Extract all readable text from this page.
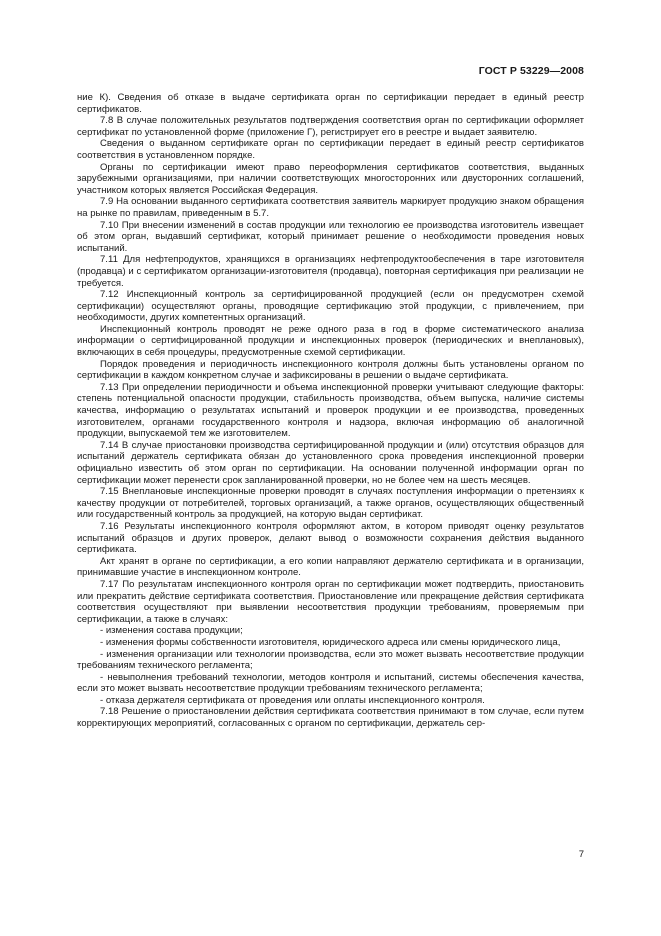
ГОСТ Р 53229—2008

ние К). Сведения об отказе в выдаче сертификата орган по сертификации передает в единый реестр сертификатов.

7.8 В случае положительных результатов подтверждения соответствия орган по сертификации оформляет сертификат по установленной форме (приложение Г), регистрирует его в реестре и выдает заявителю.

Сведения о выданном сертификате орган по сертификации передает в единый реестр сертификатов соответствия в установленном порядке.

Органы по сертификации имеют право переоформления сертификатов соответствия, выданных зарубежными организациями, при наличии соответствующих многосторонних или двусторонних соглашений, участником которых является Российская Федерация.

7.9 На основании выданного сертификата соответствия заявитель маркирует продукцию знаком обращения на рынке по правилам, приведенным в 5.7.

7.10 При внесении изменений в состав продукции или технологию ее производства изготовитель извещает об этом орган, выдавший сертификат, который принимает решение о необходимости проведения новых испытаний.

7.11 Для нефтепродуктов, хранящихся в организациях нефтепродуктообеспечения в таре изготовителя (продавца) и с сертификатом организации-изготовителя (продавца), повторная сертификация при реализации не требуется.

7.12 Инспекционный контроль за сертифицированной продукцией (если он предусмотрен схемой сертификации) осуществляют органы, проводящие сертификацию этой продукции, с привлечением, при необходимости, других компетентных организаций.

Инспекционный контроль проводят не реже одного раза в год в форме систематического анализа информации о сертифицированной продукции и инспекционных проверок (периодических и внеплановых), включающих в себя процедуры, предусмотренные схемой сертификации.

Порядок проведения и периодичность инспекционного контроля должны быть установлены органом по сертификации в каждом конкретном случае и зафиксированы в решении о выдаче сертификата.

7.13 При определении периодичности и объема инспекционной проверки учитывают следующие факторы: степень потенциальной опасности продукции, стабильность производства, объем выпуска, наличие системы качества, информацию о результатах испытаний и проверок продукции и ее производства, проведенных изготовителем, органами государственного контроля и надзора, включая информацию об аналогичной продукции, выпускаемой тем же изготовителем.

7.14 В случае приостановки производства сертифицированной продукции и (или) отсутствия образцов для испытаний держатель сертификата обязан до установленного срока проведения инспекционной проверки официально известить об этом орган по сертификации. На основании полученной информации орган по сертификации может перенести срок запланированной проверки, но не более чем на шесть месяцев.

7.15 Внеплановые инспекционные проверки проводят в случаях поступления информации о претензиях к качеству продукции от потребителей, торговых организаций, а также органов, осуществляющих общественный или государственный контроль за продукцией, на которую выдан сертификат.

7.16 Результаты инспекционного контроля оформляют актом, в котором приводят оценку результатов испытаний образцов и других проверок, делают вывод о возможности сохранения действия выданного сертификата.

Акт хранят в органе по сертификации, а его копии направляют держателю сертификата и в организации, принимавшие участие в инспекционном контроле.

7.17 По результатам инспекционного контроля орган по сертификации может подтвердить, приостановить или прекратить действие сертификата соответствия. Приостановление или прекращение действия сертификата соответствия осуществляют при выявлении несоответствия продукции требованиям, проверяемым при сертификации, а также в случаях:

- изменения состава продукции;

- изменения формы собственности изготовителя, юридического адреса или смены юридического лица,

- изменения организации или технологии производства, если это может вызвать несоответствие продукции требованиям технического регламента;

- невыполнения требований технологии, методов контроля и испытаний, системы обеспечения качества, если это может вызвать несоответствие продукции требованиям технического регламента;

- отказа держателя сертификата от проведения или оплаты инспекционного контроля.

7.18 Решение о приостановлении действия сертификата соответствия принимают в том случае, если путем корректирующих мероприятий, согласованных с органом по сертификации, держатель сер-

7
